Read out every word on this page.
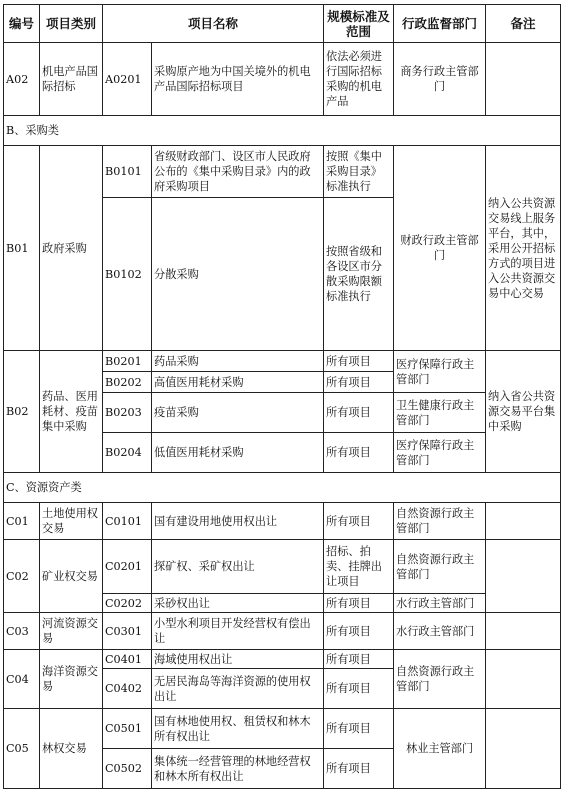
编号	项目类别	项目名称		规模标准及范围	行政监督部门	备注
A02	机电产品国际招标	A0201	采购原产地为中国关境外的机电产品国际招标项目	依法必须进行国际招标采购的机电产品	商务行政主管部门	
B、采购类						
B01	政府采购	B0101	省级财政部门、设区市人民政府公布的《集中采购目录》内的政府采购项目	按照《集中采购目录》标准执行	财政行政主管部门	纳入公共资源交易线上服务平台，其中，采用公开招标方式的项目进入公共资源交易中心交易
		B0102	分散采购	按照省级和各设区市分散采购限额标准执行		
B02	药品、医用耗材、疫苗集中采购	B0201	药品采购	所有项目	医疗保障行政主管部门	纳入省公共资源交易平台集中采购
		B0202	高值医用耗材采购	所有项目		
		B0203	疫苗采购	所有项目	卫生健康行政主管部门	
		B0204	低值医用耗材采购	所有项目	医疗保障行政主管部门	
C、资源资产类						
C01	土地使用权交易	C0101	国有建设用地使用权出让	所有项目	自然资源行政主管部门	
C02	矿业权交易	C0201	探矿权、采矿权出让	招标、拍卖、挂牌出让项目	自然资源行政主管部门	
		C0202	采砂权出让	所有项目	水行政主管部门	
C03	河流资源交易	C0301	小型水利项目开发经营权有偿出让	所有项目	水行政主管部门	
C04	海洋资源交易	C0401	海域使用权出让	所有项目	自然资源行政主管部门	
		C0402	无居民海岛等海洋资源的使用权出让	所有项目		
C05	林权交易	C0501	国有林地使用权、租赁权和林木所有权出让	所有项目	林业主管部门	
		C0502	集体统一经营管理的林地经营权和林木所有权出让	所有项目		
